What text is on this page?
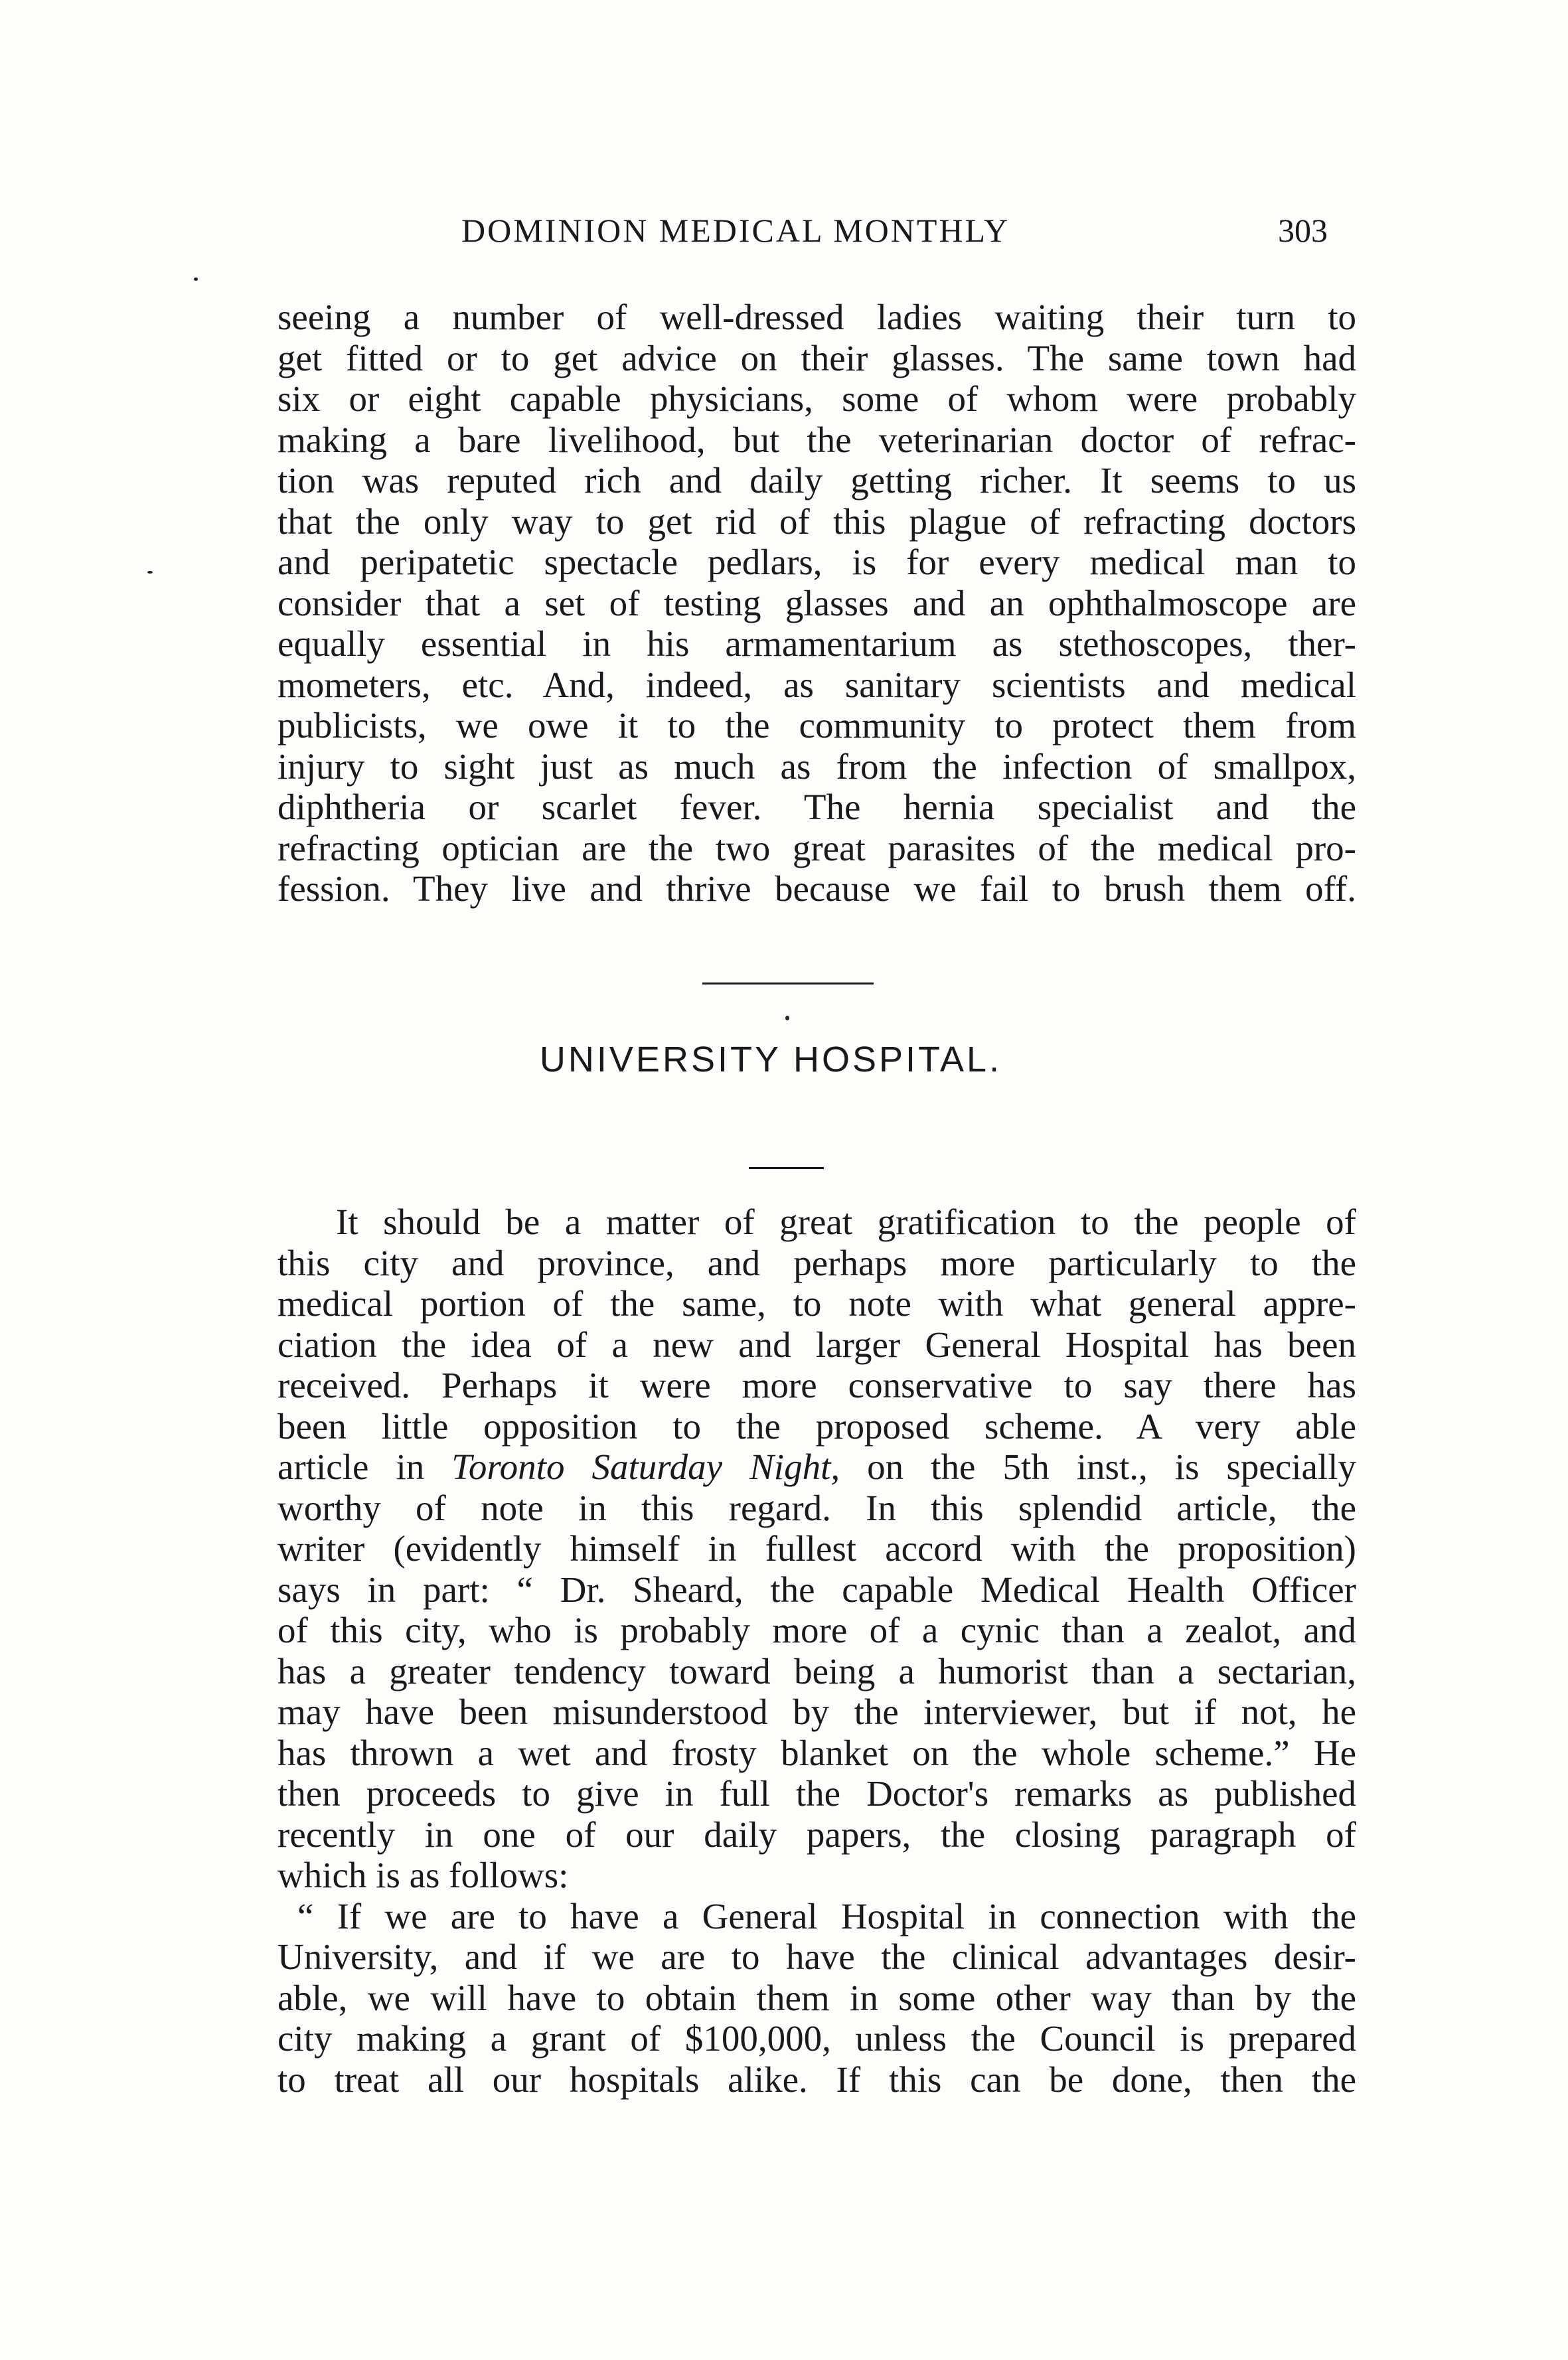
DOMINION MEDICAL MONTHLY	303
seeing a number of well-dressed ladies waiting their turn to
get fitted or to get advice on their glasses. The same town had
six or eight capable physicians, some of whom were probably
making a bare livelihood, but the veterinarian doctor of refrac-
tion was reputed rich and daily getting richer. It seems to us
that the only way to get rid of this plague of refracting doctors
and peripatetic spectacle pedlars, is for every medical man to
consider that a set of testing glasses and an ophthalmoscope are
equally essential in his armamentarium as stethoscopes, ther-
mometers, etc. And, indeed, as sanitary scientists and medical
publicists, we owe it to the community to protect them from
injury to sight just as much as from the infection of smallpox,
diphtheria or scarlet fever. The hernia specialist and the
refracting optician are the two great parasites of the medical pro-
fession. They live and thrive because we fail to brush them off.
UNIVERSITY HOSPITAL.
It should be a matter of great gratification to the people of
this city and province, and perhaps more particularly to the
medical portion of the same, to note with what general appre-
ciation the idea of a new and larger General Hospital has been
received. Perhaps it were more conservative to say there has
been little opposition to the proposed scheme. A very able
article in Toronto Saturday Night, on the 5th inst., is specially
worthy of note in this regard. In this splendid article, the
writer (evidently himself in fullest accord with the proposition)
says in part: “ Dr. Sheard, the capable Medical Health Officer
of this city, who is probably more of a cynic than a zealot, and
has a greater tendency toward being a humorist than a sectarian,
may have been misunderstood by the interviewer, but if not, he
has thrown a wet and frosty blanket on the whole scheme.” He
then proceeds to give in full the Doctor's remarks as published
recently in one of our daily papers, the closing paragraph of
which is as follows:
“ If we are to have a General Hospital in connection with the
University, and if we are to have the clinical advantages desir-
able, we will have to obtain them in some other way than by the
city making a grant of $100,000, unless the Council is prepared
to treat all our hospitals alike. If this can be done, then the
